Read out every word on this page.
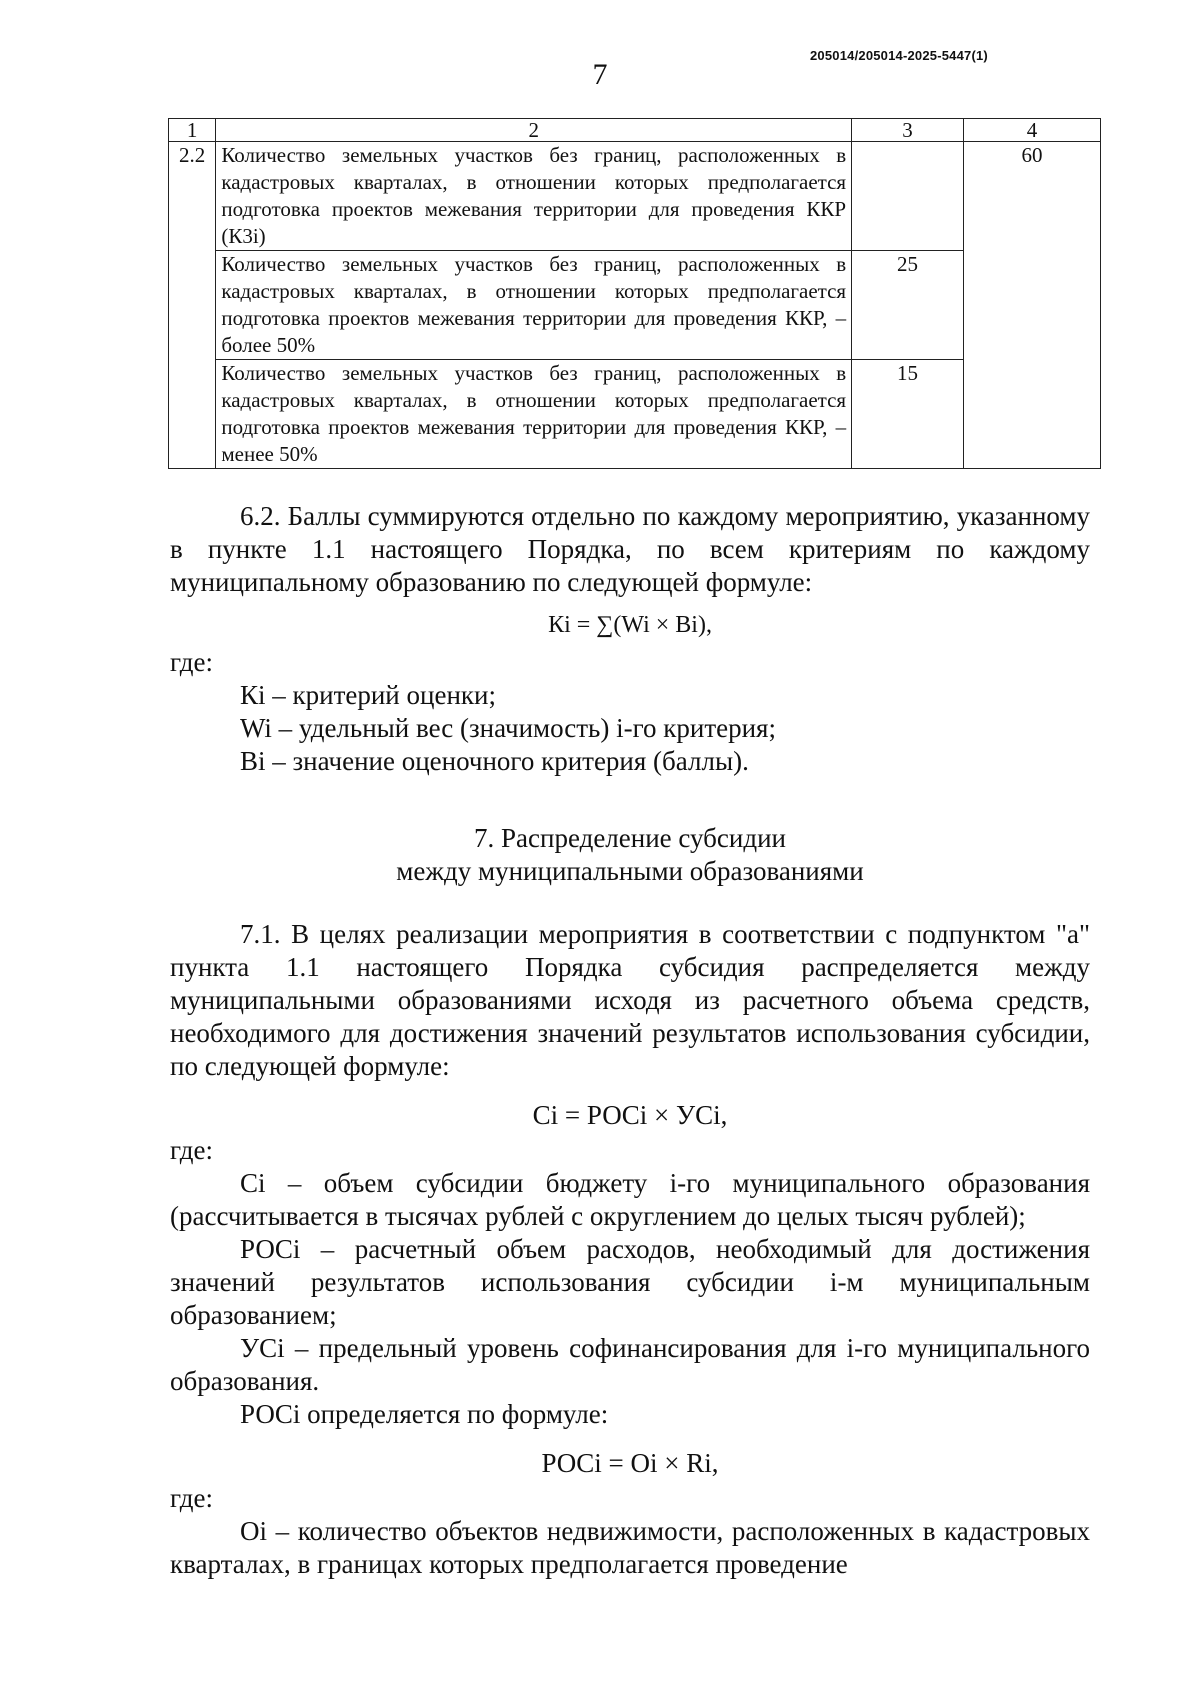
205014/205014-2025-5447(1)
7
1	2	3	4
2.2	Количество земельных участков без границ, расположенных в кадастровых кварталах, в отношении которых предполагается подготовка проектов межевания территории для проведения ККР (К3i)		60
	Количество земельных участков без границ, расположенных в кадастровых кварталах, в отношении которых предполагается подготовка проектов межевания территории для проведения ККР, – более 50%	25	
	Количество земельных участков без границ, расположенных в кадастровых кварталах, в отношении которых предполагается подготовка проектов межевания территории для проведения ККР, – менее 50%	15	

6.2. Баллы суммируются отдельно по каждому мероприятию, указанному в пункте 1.1 настоящего Порядка, по всем критериям по каждому муниципальному образованию по следующей формуле:

Кi = ∑(Wi × Bi),

где:

Кi – критерий оценки;

Wi – удельный вес (значимость) i-го критерия;

Bi – значение оценочного критерия (баллы).

7. Распределение субсидии

между муниципальными образованиями

7.1. В целях реализации мероприятия в соответствии с подпунктом "а" пункта 1.1 настоящего Порядка субсидия распределяется между муниципальными образованиями исходя из расчетного объема средств, необходимого для достижения значений результатов использования субсидии, по следующей формуле:

Ci = РОCi × УСi,

где:

Ci – объем субсидии бюджету i-го муниципального образования (рассчитывается в тысячах рублей с округлением до целых тысяч рублей);

РОCi – расчетный объем расходов, необходимый для достижения значений результатов использования субсидии i-м муниципальным образованием;

УСi – предельный уровень софинансирования для i-го муниципального образования.

РОCi определяется по формуле:

РОCi = Оi × Ri,

где:

Оi – количество объектов недвижимости, расположенных в кадастровых кварталах, в границах которых предполагается проведение
